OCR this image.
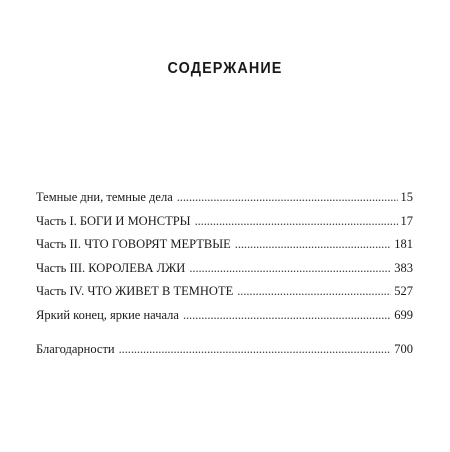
СОДЕРЖАНИЕ
Темные дни, темные дела . . .	15
Часть I. БОГИ И МОНСТРЫ . . .	17
Часть II. ЧТО ГОВОРЯТ МЕРТВЫЕ . . .	181
Часть III. КОРОЛЕВА ЛЖИ . . .	383
Часть IV. ЧТО ЖИВЕТ В ТЕМНОТЕ . . .	527
Яркий конец, яркие начала . . .	699
Благодарности . . .	700
